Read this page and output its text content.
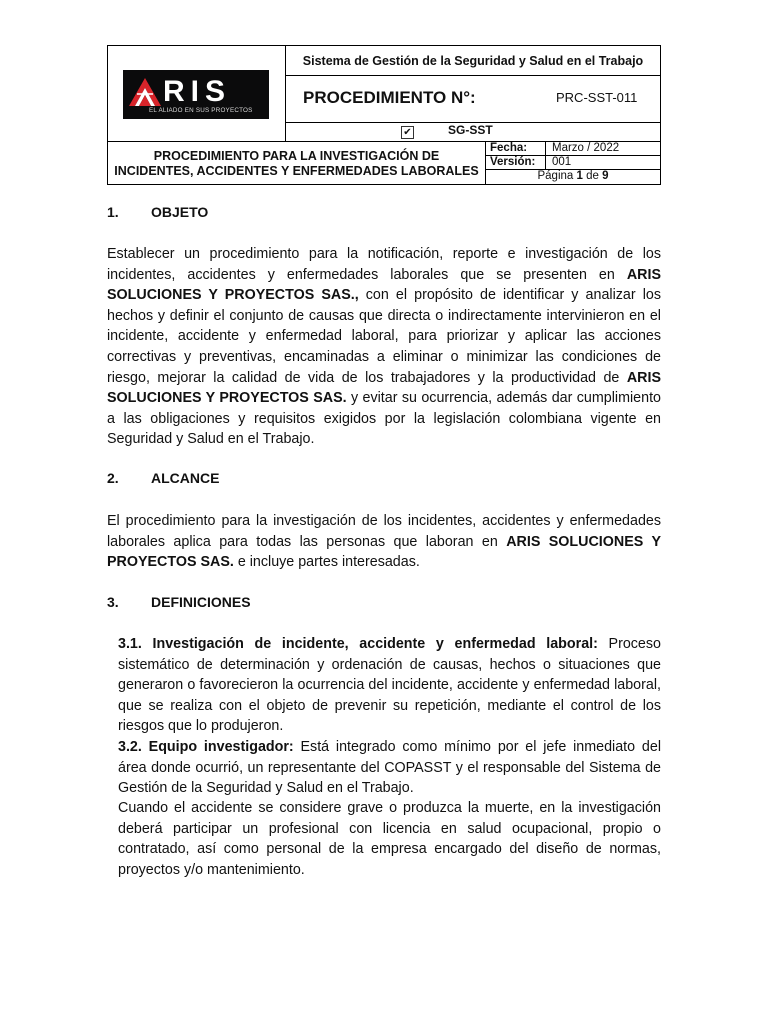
RIS
EL ALIADO EN SUS PROYECTOS
Sistema de Gestión de la Seguridad y Salud en el Trabajo
PROCEDIMIENTO N°:	PRC-SST-011
✔	SG-SST
PROCEDIMIENTO PARA LA INVESTIGACIÓN DE
INCIDENTES, ACCIDENTES Y ENFERMEDADES LABORALES
Fecha: Marzo / 2022
Versión: 001
Página 1 de 9
1. OBJETO
Establecer un procedimiento para la notificación, reporte e investigación de los incidentes, accidentes y enfermedades laborales que se presenten en ARIS SOLUCIONES Y PROYECTOS SAS., con el propósito de identificar y analizar los hechos y definir el conjunto de causas que directa o indirectamente intervinieron en el incidente, accidente y enfermedad laboral, para priorizar y aplicar las acciones correctivas y preventivas, encaminadas a eliminar o minimizar las condiciones de riesgo, mejorar la calidad de vida de los trabajadores y la productividad de ARIS SOLUCIONES Y PROYECTOS SAS. y evitar su ocurrencia, además dar cumplimiento a las obligaciones y requisitos exigidos por la legislación colombiana vigente en Seguridad y Salud en el Trabajo.
2. ALCANCE
El procedimiento para la investigación de los incidentes, accidentes y enfermedades laborales aplica para todas las personas que laboran en ARIS SOLUCIONES Y PROYECTOS SAS. e incluye partes interesadas.
3. DEFINICIONES
3.1. Investigación de incidente, accidente y enfermedad laboral: Proceso sistemático de determinación y ordenación de causas, hechos o situaciones que generaron o favorecieron la ocurrencia del incidente, accidente y enfermedad laboral, que se realiza con el objeto de prevenir su repetición, mediante el control de los riesgos que lo produjeron.
3.2. Equipo investigador: Está integrado como mínimo por el jefe inmediato del área donde ocurrió, un representante del COPASST y el responsable del Sistema de Gestión de la Seguridad y Salud en el Trabajo.
Cuando el accidente se considere grave o produzca la muerte, en la investigación deberá participar un profesional con licencia en salud ocupacional, propio o contratado, así como personal de la empresa encargado del diseño de normas, proyectos y/o mantenimiento.
